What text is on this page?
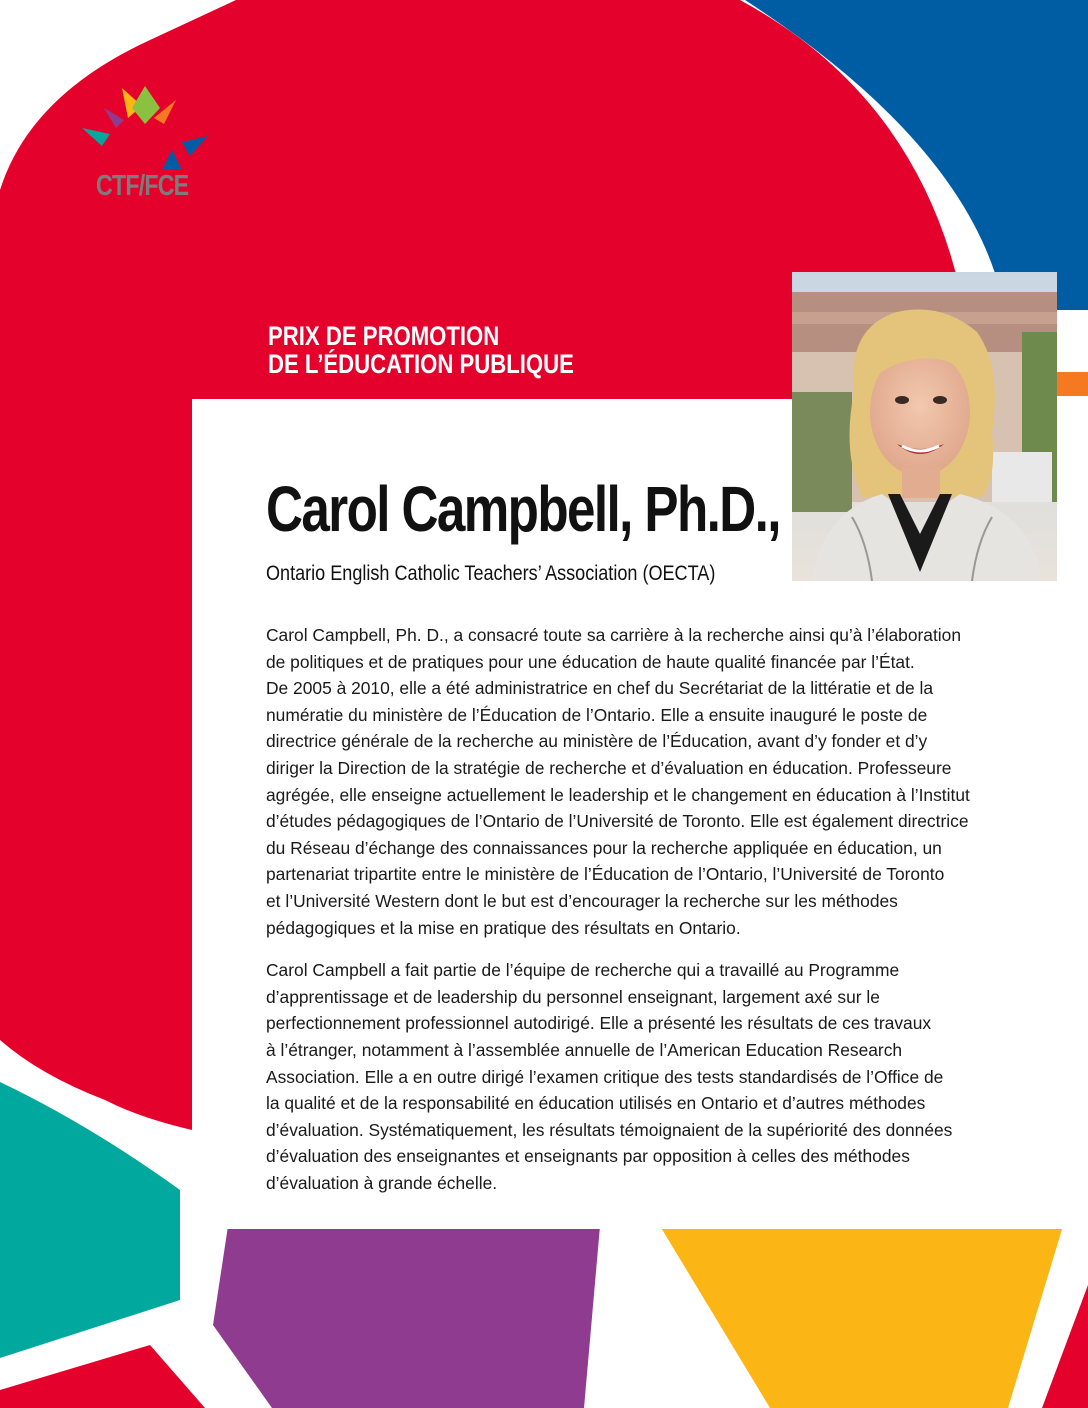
CTF/FCE
PRIX DE PROMOTION
DE L’ÉDUCATION PUBLIQUE
Carol Campbell, Ph.D.,
Ontario English Catholic Teachers’ Association (OECTA)
Carol Campbell, Ph. D., a consacré toute sa carrière à la recherche ainsi qu’à l’élaboration
de politiques et de pratiques pour une éducation de haute qualité financée par l’État.
De 2005 à 2010, elle a été administratrice en chef du Secrétariat de la littératie et de la
numératie du ministère de l’Éducation de l’Ontario. Elle a ensuite inauguré le poste de
directrice générale de la recherche au ministère de l’Éducation, avant d’y fonder et d’y
diriger la Direction de la stratégie de recherche et d’évaluation en éducation. Professeure
agrégée, elle enseigne actuellement le leadership et le changement en éducation à l’Institut
d’études pédagogiques de l’Ontario de l’Université de Toronto. Elle est également directrice
du Réseau d’échange des connaissances pour la recherche appliquée en éducation, un
partenariat tripartite entre le ministère de l’Éducation de l’Ontario, l’Université de Toronto
et l’Université Western dont le but est d’encourager la recherche sur les méthodes
pédagogiques et la mise en pratique des résultats en Ontario.
Carol Campbell a fait partie de l’équipe de recherche qui a travaillé au Programme
d’apprentissage et de leadership du personnel enseignant, largement axé sur le
perfectionnement professionnel autodirigé. Elle a présenté les résultats de ces travaux
à l’étranger, notamment à l’assemblée annuelle de l’American Education Research
Association. Elle a en outre dirigé l’examen critique des tests standardisés de l’Office de
la qualité et de la responsabilité en éducation utilisés en Ontario et d’autres méthodes
d’évaluation. Systématiquement, les résultats témoignaient de la supériorité des données
d’évaluation des enseignantes et enseignants par opposition à celles des méthodes
d’évaluation à grande échelle.
